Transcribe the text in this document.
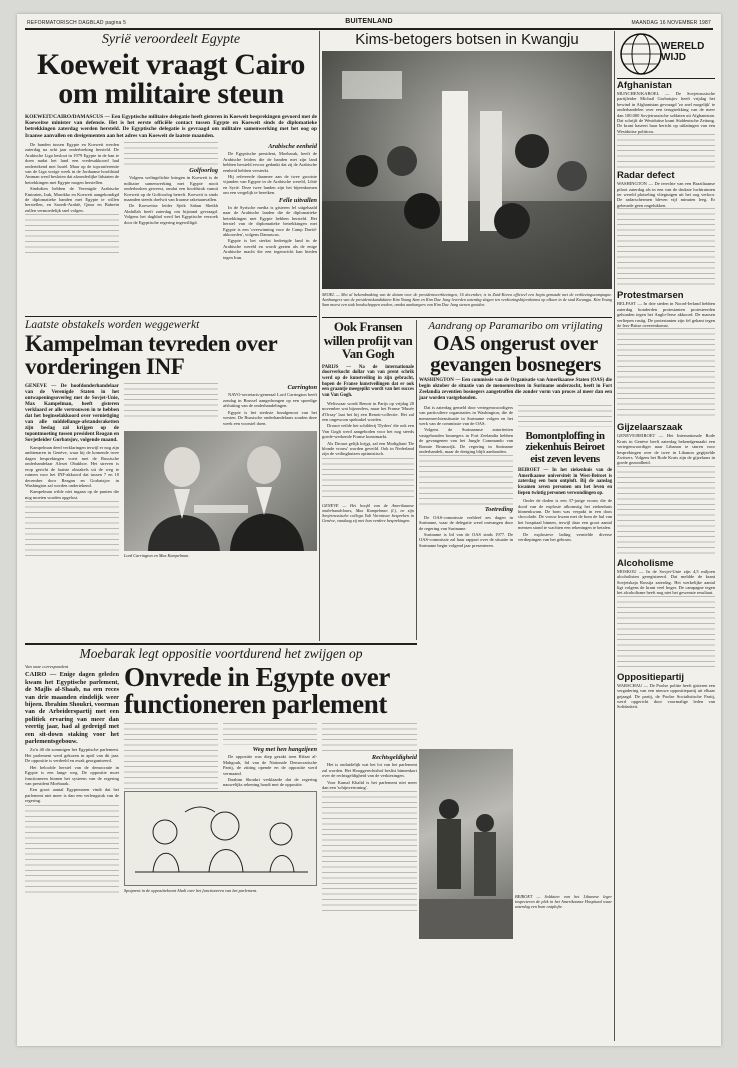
REFORMATORISCH DAGBLAD pagina 5	BUITENLAND	MAANDAG 16 NOVEMBER 1987
Syrië veroordeelt Egypte
Koeweit vraagt Cairo om militaire steun
KOEWEIT/CAIRO/DAMASCUS — Een Egyptische militaire delegatie heeft gisteren in Koeweit besprekingen gevoerd met de Koeweitse minister van defensie. Het is het eerste officiële contact tussen Egypte en Koeweit sinds de diplomatieke betrekkingen zaterdag werden hersteld. De Egyptische delegatie is gevraagd om militaire samenwerking met het oog op Iraanse aanvallen en dreigementen aan het adres van Koeweit de laatste maanden.

De banden tussen Egypte en Koeweit werden zaterdag na acht jaar onderbreking hersteld. De Arabische Liga besloot in 1979 Egypte in de ban te doen nadat het land een vredesakkoord had ondertekend met Israël. Maar op de topconferentie van de Liga vorige week in de Jordaanse hoofdstad Amman werd besloten dat afzonderlijke lidstaten de betrekkingen met Egypte mogen herstellen.

Sindsdien hebben de Verenigde Arabische Emiraten, Irak, Marokko en Koeweit aangekondigd de diplomatieke banden met Egypte te willen herstellen, en Saoedi-Arabië, Qatar en Bahrein zullen vermoedelijk snel volgen.

Golfoorlog

Volgens welingelichte kringen in Koeweit is de militaire samenwerking met Egypte nooit onderbroken geweest, omdat een hoofdstuk vanuit Koeweit op de Golfoorlog betreft. Koeweit is sinds maanden steeds doelwit van Iraanse raketaanvallen.

De Koeweitse leider Sjeik Saban Sheikh Abdullah heeft zaterdag om bijstand gevraagd. Volgens het dagblad werd het Egyptische verzoek door de Egyptische regering ingewilligd.

Arabische eenheid

De Egyptische president, Moebarak, heeft de Arabische leiders die de banden met zijn land hebben hersteld ervoor gedankt dat zij de Arabische eenheid hebben versterkt.

Hij refereerde daarmee aan de twee grootste vijanden van Egypte in de Arabische wereld, Libië en Syrië. Deze twee landen zijn het bijeenkomen om een vergelijk te bereiken.

Felle uitvallen

In de Syrische media is gisteren fel uitgehaald naar de Arabische landen die de diplomatieke betrekkingen met Egypte hebben hersteld. Het herstel van de diplomatieke betrekkingen met Egypte is een 'overwinning voor de Camp David-akkoorden', volgens Damascus.

Egypte is het sterkst bedreigde land in de Arabische wereld en wordt gezien als de enige Arabische macht die een tegenwicht kan bieden tegen Iran.

Laatste obstakels worden weggewerkt
Kampelman tevreden over vorderingen INF
GENEVE — De hoofdonderhandelaar van de Verenigde Staten in het ontwapeningsoverleg met de Sovjet-Unie, Max Kampelman, heeft gisteren verklaard er alle vertrouwen in te hebben dat het beginselakkoord over vernietiging van alle middellange-afstandsraketten zijn beslag zal krijgen op de topontmoeting tussen president Reagan en Sovjetleider Gorbatsjov, volgende maand.

Kampelman deed verklaringen terwijl er nog zijn ambtenaren in Genève, waar hij de komende twee dagen besprekingen voert met de Russische onderhandelaar Alexei Obukhov. Het streven is erop gericht de laatste obstakels uit de weg te ruimen voor het INF-akkoord dat tussen 7 en 10 december door Reagan en Gorbatsjov in Washington zal worden ondertekend.

Kampelman wilde niet ingaan op de punten die nog moeten worden opgelost.

Carrington

NAVO-secretaris-generaal Lord Carrington heeft zondag in Brussel aangedrongen op een spoedige afsluiting van de onderhandelingen.

Egypte is het sterkste bondgenoot van het westen. De Russische onderhandelaars zouden deze week een voorstel doen.

Lord Carrington en Max Kampelman.
Kims-betogers botsen in Kwangju
SEOEL — Met al hekendmaking van de datum voor de presidentsverkiezingen, 16 december, is in Zuid-Korea officieel een begin gemaakt met de verkiezingscampagne. Aanhangers van de presidentskandidaten Kim Young Sam en Kim Dae Jung leverden zaterdag slagen ten verkiezingsbijeenkomst op elkaar in de stad Kwangju. Kim Young Sam moest een stuk boodschappen zoeken, omdat aanhangers van Kim Dae Jung stenen gooiden.
Ook Fransen willen profijt van Van Gogh
PARIJS — Na de internationale doorverkocht dollar van van prent schrik werd op de kunstveiling in zijn gebracht, hopen de Franse kunstveilingen dat er ook een graantje meegepikt wordt van het succes van Van Gogh.

Weliswaar wordt Renoir in Parijs op vrijdag 20 november wat bijzonders, maar het Franse 'Musée d'Orsay' laat het bij een Renoir-collectie. Het zal een ongewoon spektakel worden.

Drouot veilde het schilderij 'Dyders' die ook een Van Gogh werd aangeboden voor het nog steeds goede-werkende Franse kunstmarkt.

Als Drouot gelijk krijgt, zal een Modigliani 'De blonde vrouw' worden geveild. Ook in Nederland zijn de veilinghuizen optimistisch.

GENEVE — Het hoofd van de Amerikaanse onderhandelaars, Max Kampelman (l.), en zijn Sovjetrussische collega Yuli Vorontsov bespreken in Genève, vandaag zij met hun verdere besprekingen.
Aandrang op Paramaribo om vrijlating
OAS ongerust over gevangen bosnegers
WASHINGTON — Een commissie van de Organisatie van Amerikaanse Staten (OAS) die begin oktober de situatie van de mensenrechten in Suriname onderzocht, heeft in Fort Zeelandia zeventien bosnegers aangetroffen die zonder vorm van proces al meer dan een jaar worden vastgehouden.

Dat is zaterdag gemeld door vertegenwoordigers van particuliere organisaties in Washington, die de mensenrechtensituatie in Suriname volgen en het werk van de commissie van de OAS.

Volgens de Surinaamse autoriteiten vastgehouden bosnegers in Fort Zeelandia hebben de gevangenen van het Jungle Commando van Ronnie Brunswijk. De regering in Suriname onderhandelt, maar de dreiging blijft aanhouden.

Toetreding

De OAS-commissie verbleef zes dagen in Suriname, waar de delegatie werd ontvangen door de regering van Suriname.

Suriname is lid van de OAS sinds 1977. De OAS-commissie zal haar rapport over de situatie in Suriname begin volgend jaar presenteren.

Bomontploffing in ziekenhuis Beiroet eist zeven levens
BEIROET — In het ziekenhuis van de Amerikaanse universiteit in West-Beiroet is zaterdag een bom ontploft. Bij de aanslag kwamen zeven personen om het leven en liepen twintig personen verwondingen op.

Onder de doden is een 37-jarige vrouw die de dood van de explosie afkomstig het ziekenhuis binnenkwam. De bom was verpakt in een doos chocolade. De vrouw kwam met de bom de hal van het hospitaal binnen, terwijl daar een groot aantal mensen stond te wachten een rekeningen te betalen.

De explosieve lading vernielde diverse verdiepingen van het gebouw.

BEIROET — Soldaten van het Libanese leger inspecteren de plek in het Amerikaanse Hospitaal waar zaterdag een bom ontplofte.
Moebarak legt oppositie voortdurend het zwijgen op
Van onze correspondent
CAIRO — Enige dagen geleden kwam het Egyptische parlement, de Majlis al-Shaab, na een reces van drie maanden eindelijk weer bijeen. Ibrahim Shoukri, voorman van de Arbeiderspartij met een politiek ervaring van meer dan veertig jaar, had al gedreigd met een sit-down staking voor het parlementsgebouw.

Zo'n 40 dit sommigen het Egyptische parlement. Het parlement werd gekozen in april van dit jaar. De oppositie is verdeeld en zwak georganiseerd.

Het beloofde herstel van de democratie in Egypte is een lange weg. De oppositie moet functioneren binnen het systeem van de regering van president Moebarak.

Een groot aantal Egyptenaren vindt dat het parlement niet meer is dan een verlengstuk van de regering.

Onvrede in Egypte over functioneren parlement
Weg met hen hangzijeen

De oppositie was diep gezakt toen Rifaat al-Mahgoub, lid van de Nationale Democratische Partij, de zitting opende en de oppositie werd vermaand.

Ibrahim Shoukri verklaarde dat de regering nauwelijks rekening houdt met de oppositie.

Rechtsgeldigheid

Het is onduidelijk wat het lot van het parlement zal worden. Het Hooggerechtshof beslist binnenkort over de rechtsgeldigheid van de verkiezingen.

Voor Kamal Khalid is het parlement niet meer dan een 'schijnvertoning'.

Spotprent in de oppositiekrant Ahali over het functioneren van het parlement.
WERELD WIJD
Afghanistan
MUNCHEN/KABOEL — De Sovjetrussische partijleider Michail Gorbatsjov heeft vrijdag het bewind in Afghanistan gevraagd 'zo snel mogelijk' te onderhandelen over een terugtrekking van de meer dan 100.000 Sovjetrussische soldaten uit Afghanistan. Dat schrijft de Westduitse krant Süddeutsche Zeitung. De krant baseert haar bericht op uitlatingen van een Westduitse politicus.
Radar defect
WASHINGTON — De terechte van een Braziliaanse piloot zaterdag als in een van de drukste luchtruimen ter wereld plotseling vliegtuigen uit het oog verloor. De radarschermen bleven vijf minuten leeg. Er gebeurde geen ongelukken.
Protestmarsen
BELFAST — In drie steden in Noord-Ierland hebben zaterdag honderden protestanten protesteerden gehouden tegen het Anglo-Ierse akkoord. De marsen verliepen rustig. De protestanten zijn fel gekant tegen de Iers-Britse overeenkomst.
Gijzelaarszaak
GENEVE/BEIROET — Het Internationale Rode Kruis in Genève heeft zaterdag bekendgemaakt een vertegenwoordiger naar Libanon te sturen voor besprekingen over de twee in Libanon gegijzelde Zwitsers. Volgens het Rode Kruis zijn de gijzelaars in goede gezondheid.
Alcoholisme
MOSKOU — In de Sovjet-Unie zijn 4,5 miljoen alcoholisten geregistreerd. Dat meldde de krant Sovjetskaja Rossija zaterdag. Het werkelijke aantal ligt volgens de krant veel hoger. De campagne tegen het alcoholisme heeft nog niet het gewenste resultaat.
Oppositiepartij
WARSCHAU — De Poolse politie heeft gisteren een vergadering van een nieuwe oppositiepartij uit elkaar gejaagd. De partij, de Poolse Socialistische Partij, werd opgericht door voormalige leden van Solidariteit.
